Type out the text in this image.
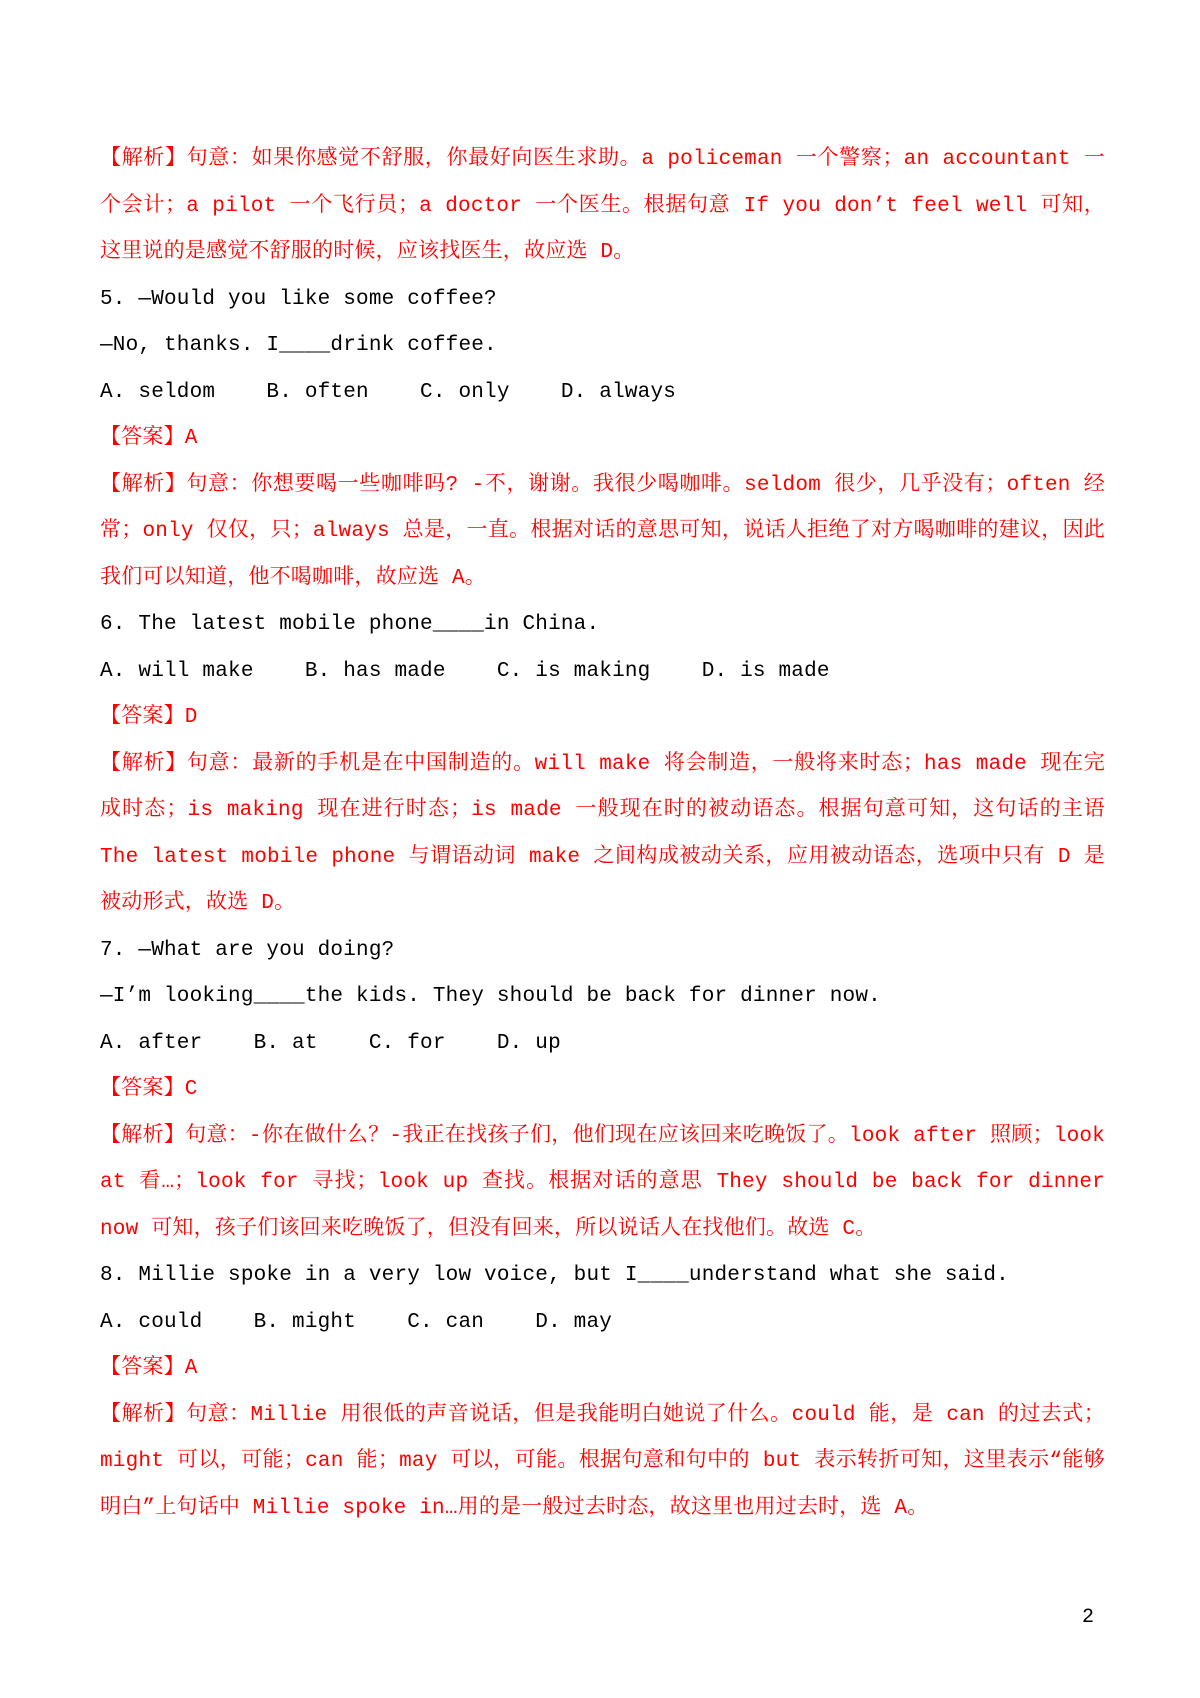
【解析】句意：如果你感觉不舒服，你最好向医生求助。a policeman 一个警察；an accountant 一个会计；a pilot 一个飞行员；a doctor 一个医生。根据句意 If you don’t feel well 可知，这里说的是感觉不舒服的时候，应该找医生，故应选 D。

5. —Would you like some coffee?

—No, thanks. I____drink coffee.

A. seldom    B. often    C. only    D. always

【答案】A

【解析】句意：你想要喝一些咖啡吗? -不，谢谢。我很少喝咖啡。seldom 很少，几乎没有；often 经常；only 仅仅，只；always 总是，一直。根据对话的意思可知，说话人拒绝了对方喝咖啡的建议，因此我们可以知道，他不喝咖啡，故应选 A。

6. The latest mobile phone____in China.

A. will make    B. has made    C. is making    D. is made

【答案】D

【解析】句意：最新的手机是在中国制造的。will make 将会制造，一般将来时态；has made 现在完成时态；is making 现在进行时态；is made 一般现在时的被动语态。根据句意可知，这句话的主语 The latest mobile phone 与谓语动词 make 之间构成被动关系，应用被动语态，选项中只有 D 是被动形式，故选 D。

7. —What are you doing?

—I’m looking____the kids. They should be back for dinner now.

A. after    B. at    C. for    D. up

【答案】C

【解析】句意：-你在做什么？-我正在找孩子们，他们现在应该回来吃晚饭了。look after 照顾；look at 看…；look for 寻找；look up 查找。根据对话的意思 They should be back for dinner now 可知，孩子们该回来吃晚饭了，但没有回来，所以说话人在找他们。故选 C。

8. Millie spoke in a very low voice, but I____understand what she said.

A. could    B. might    C. can    D. may

【答案】A

【解析】句意：Millie 用很低的声音说话，但是我能明白她说了什么。could 能，是 can 的过去式；might 可以，可能；can 能；may 可以，可能。根据句意和句中的 but 表示转折可知，这里表示“能够明白”上句话中 Millie spoke in…用的是一般过去时态，故这里也用过去时，选 A。

2
